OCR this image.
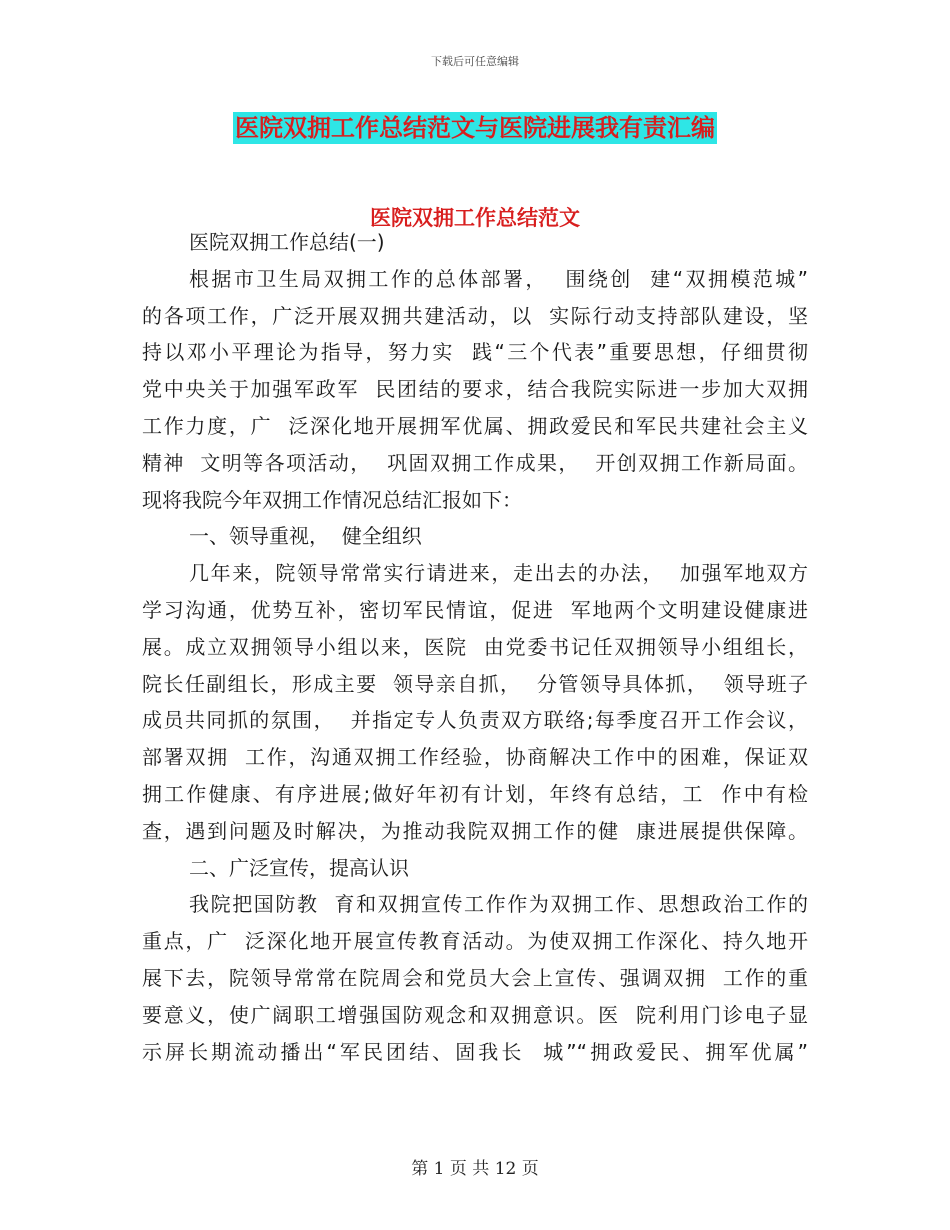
下载后可任意编辑
医院双拥工作总结范文与医院进展我有责汇编
医院双拥工作总结范文
医院双拥工作总结(一)
根据市卫生局双拥工作的总体部署，  围绕创  建“双拥模范城”
的各项工作，广泛开展双拥共建活动，以  实际行动支持部队建设，坚
持以邓小平理论为指导，努力实  践“三个代表”重要思想，仔细贯彻
党中央关于加强军政军  民团结的要求，结合我院实际进一步加大双拥
工作力度，广  泛深化地开展拥军优属、拥政爱民和军民共建社会主义
精神  文明等各项活动，  巩固双拥工作成果，  开创双拥工作新局面。
现将我院今年双拥工作情况总结汇报如下：
一、领导重视，  健全组织
几年来，院领导常常实行请进来，走出去的办法，  加强军地双方
学习沟通，优势互补，密切军民情谊，促进  军地两个文明建设健康进
展。成立双拥领导小组以来，医院  由党委书记任双拥领导小组组长，
院长任副组长，形成主要  领导亲自抓，  分管领导具体抓，  领导班子
成员共同抓的氛围，  并指定专人负责双方联络;每季度召开工作会议，
部署双拥  工作，沟通双拥工作经验，协商解决工作中的困难，保证双
拥工作健康、有序进展;做好年初有计划，年终有总结，工  作中有检
查，遇到问题及时解决，为推动我院双拥工作的健  康进展提供保障。
二、广泛宣传，提高认识
我院把国防教  育和双拥宣传工作作为双拥工作、思想政治工作的
重点，广  泛深化地开展宣传教育活动。为使双拥工作深化、持久地开
展下去，院领导常常在院周会和党员大会上宣传、强调双拥  工作的重
要意义，使广阔职工增强国防观念和双拥意识。医  院利用门诊电子显
示屏长期流动播出“军民团结、固我长  城”“拥政爱民、拥军优属”
第 1 页 共 12 页
